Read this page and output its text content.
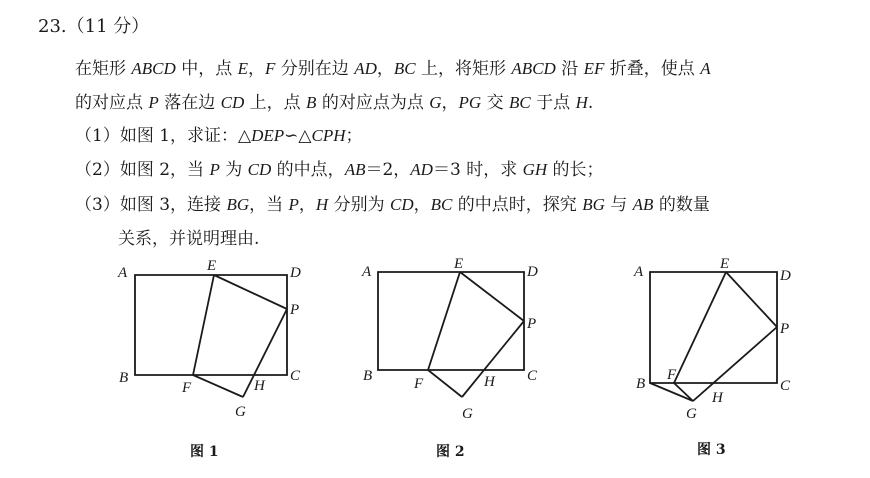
23.（11 分）
在矩形 ABCD 中，点 E，F 分别在边 AD，BC 上，将矩形 ABCD 沿 EF 折叠，使点 A
的对应点 P 落在边 CD 上，点 B 的对应点为点 G，PG 交 BC 于点 H.
（1）如图 1，求证：△DEP∽△CPH；
（2）如图 2，当 P 为 CD 的中点，AB＝2，AD＝3 时，求 GH 的长；
（3）如图 3，连接 BG，当 P，H 分别为 CD，BC 的中点时，探究 BG 与 AB 的数量
关系，并说明理由.
A	E	D
P
B
F	H
C
G
A	E	D
P
B	F	H C
G
A	E
D
P
B
F
H
C
G
图 1	图 2	图 3
